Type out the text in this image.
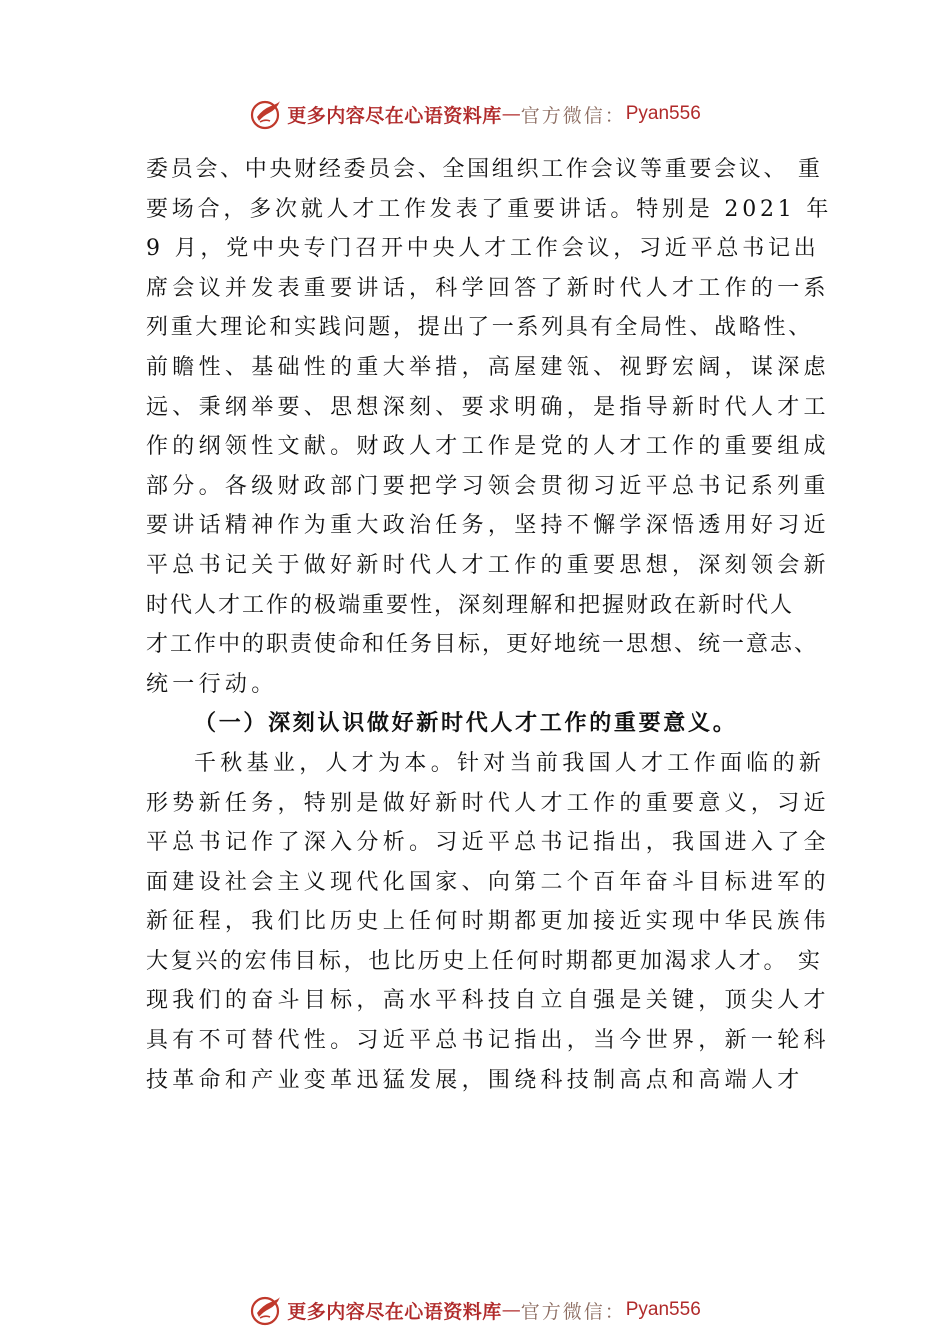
更多内容尽在心语资料库 — 官方微信： Pyan556
委员会、中央财经委员会、全国组织工作会议等重要会议、 重
要场合，多次就人才工作发表了重要讲话。特别是 2021 年
9 月，党中央专门召开中央人才工作会议，习近平总书记出
席会议并发表重要讲话，科学回答了新时代人才工作的一系
列重大理论和实践问题，提出了一系列具有全局性、战略性、
前瞻性、基础性的重大举措，高屋建瓴、视野宏阔，谋深虑
远、秉纲举要、思想深刻、要求明确，是指导新时代人才工
作的纲领性文献。财政人才工作是党的人才工作的重要组成
部分。各级财政部门要把学习领会贯彻习近平总书记系列重
要讲话精神作为重大政治任务，坚持不懈学深悟透用好习近
平总书记关于做好新时代人才工作的重要思想，深刻领会新
时代人才工作的极端重要性，深刻理解和把握财政在新时代人
才工作中的职责使命和任务目标，更好地统一思想、统一意志、
统一行动。
（一）深刻认识做好新时代人才工作的重要意义。
千秋基业，人才为本。针对当前我国人才工作面临的新
形势新任务，特别是做好新时代人才工作的重要意义，习近
平总书记作了深入分析。习近平总书记指出，我国进入了全
面建设社会主义现代化国家、向第二个百年奋斗目标进军的
新征程，我们比历史上任何时期都更加接近实现中华民族伟
大复兴的宏伟目标，也比历史上任何时期都更加渴求人才。 实
现我们的奋斗目标，高水平科技自立自强是关键，顶尖人才
具有不可替代性。习近平总书记指出，当今世界，新一轮科
技革命和产业变革迅猛发展，围绕科技制高点和高端人才
更多内容尽在心语资料库 — 官方微信： Pyan556
